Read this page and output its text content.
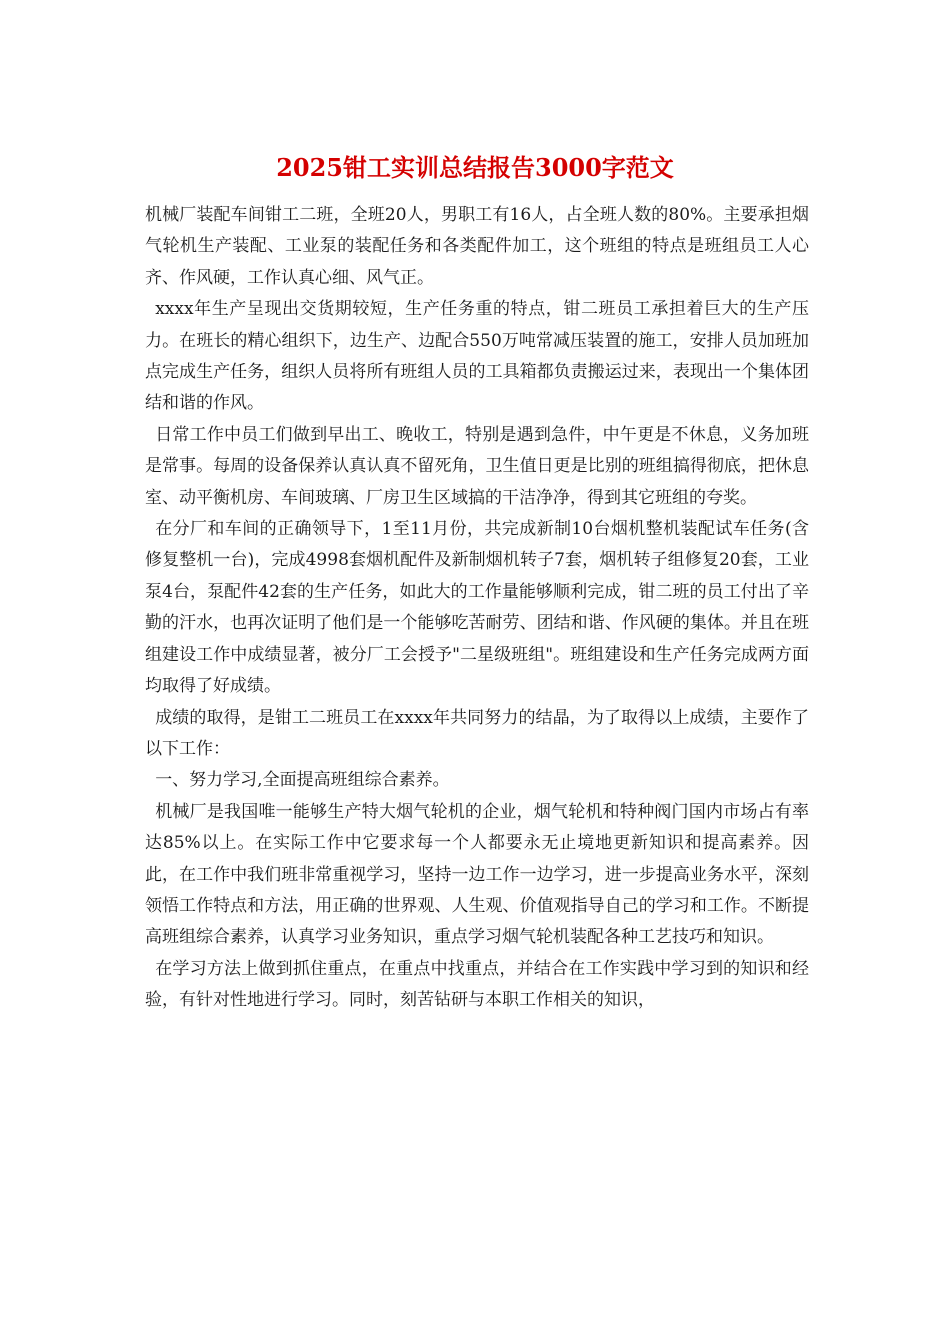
2025钳工实训总结报告3000字范文

机械厂装配车间钳工二班，全班20人，男职工有16人，占全班人数的80%。主要承担烟气轮机生产装配、工业泵的装配任务和各类配件加工，这个班组的特点是班组员工人心齐、作风硬，工作认真心细、风气正。

xxxx年生产呈现出交货期较短，生产任务重的特点，钳二班员工承担着巨大的生产压力。在班长的精心组织下，边生产、边配合550万吨常减压装置的施工，安排人员加班加点完成生产任务，组织人员将所有班组人员的工具箱都负责搬运过来，表现出一个集体团结和谐的作风。

日常工作中员工们做到早出工、晚收工，特别是遇到急件，中午更是不休息，义务加班是常事。每周的设备保养认真认真不留死角，卫生值日更是比别的班组搞得彻底，把休息室、动平衡机房、车间玻璃、厂房卫生区域搞的干洁净净，得到其它班组的夸奖。

在分厂和车间的正确领导下，1至11月份，共完成新制10台烟机整机装配试车任务(含修复整机一台)，完成4998套烟机配件及新制烟机转子7套，烟机转子组修复20套，工业泵4台，泵配件42套的生产任务，如此大的工作量能够顺利完成，钳二班的员工付出了辛勤的汗水，也再次证明了他们是一个能够吃苦耐劳、团结和谐、作风硬的集体。并且在班组建设工作中成绩显著，被分厂工会授予"二星级班组"。班组建设和生产任务完成两方面均取得了好成绩。

成绩的取得，是钳工二班员工在xxxx年共同努力的结晶，为了取得以上成绩，主要作了以下工作：

一、努力学习,全面提高班组综合素养。

机械厂是我国唯一能够生产特大烟气轮机的企业，烟气轮机和特种阀门国内市场占有率达85%以上。在实际工作中它要求每一个人都要永无止境地更新知识和提高素养。因此，在工作中我们班非常重视学习，坚持一边工作一边学习，进一步提高业务水平，深刻领悟工作特点和方法，用正确的世界观、人生观、价值观指导自己的学习和工作。不断提高班组综合素养，认真学习业务知识，重点学习烟气轮机装配各种工艺技巧和知识。

在学习方法上做到抓住重点，在重点中找重点，并结合在工作实践中学习到的知识和经验，有针对性地进行学习。同时，刻苦钻研与本职工作相关的知识，
